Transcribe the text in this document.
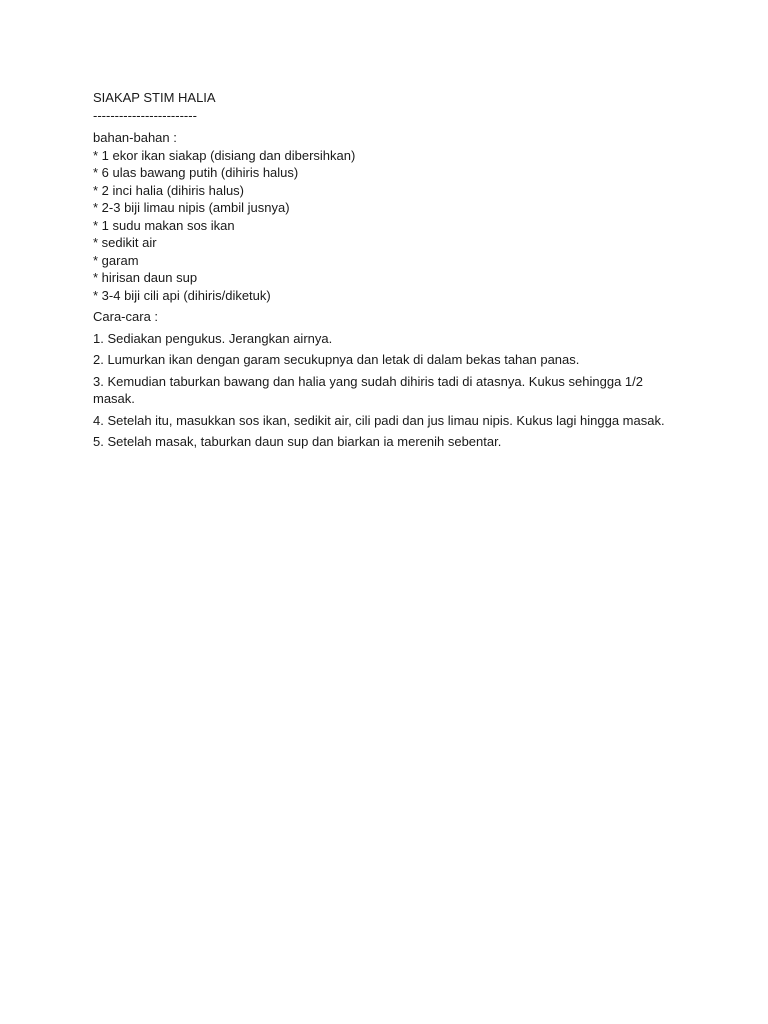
SIAKAP STIM HALIA
------------------------
bahan-bahan :
* 1 ekor ikan siakap (disiang dan dibersihkan)
* 6 ulas bawang putih (dihiris halus)
* 2 inci halia (dihiris halus)
* 2-3 biji limau nipis (ambil jusnya)
* 1 sudu makan sos ikan
* sedikit air
* garam
* hirisan daun sup
* 3-4 biji cili api (dihiris/diketuk)
Cara-cara :
1. Sediakan pengukus. Jerangkan airnya.
2. Lumurkan ikan dengan garam secukupnya dan letak di dalam bekas tahan panas.
3. Kemudian taburkan bawang dan halia yang sudah dihiris tadi di atasnya. Kukus sehingga 1/2 masak.
4. Setelah itu, masukkan sos ikan, sedikit air, cili padi dan jus limau nipis. Kukus lagi hingga masak.
5. Setelah masak, taburkan daun sup dan biarkan ia merenih sebentar.
